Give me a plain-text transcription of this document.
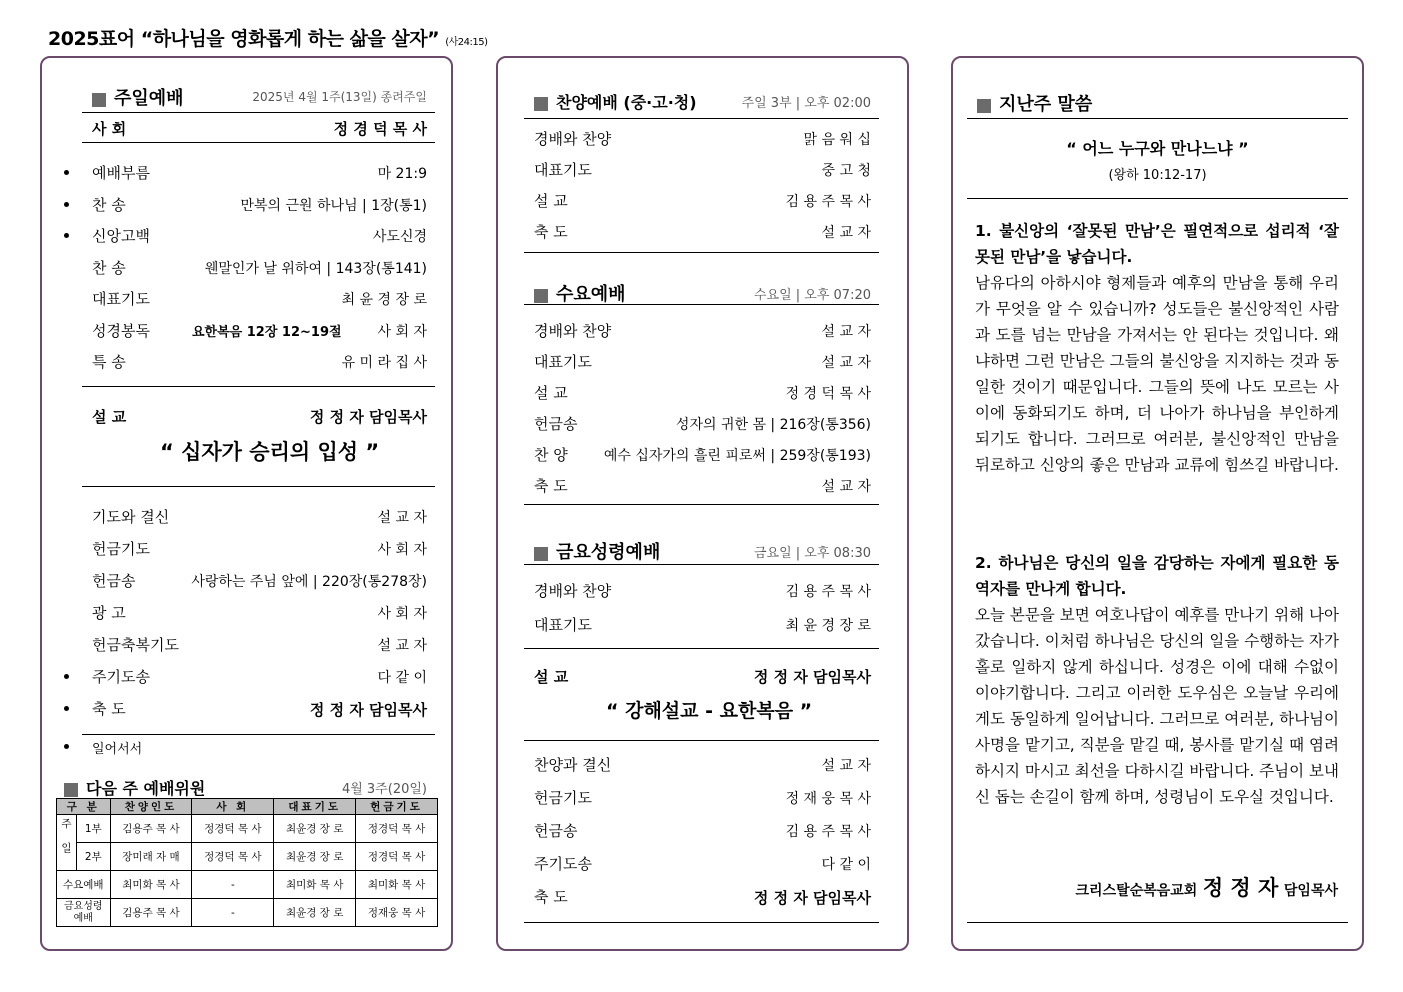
2025표어 “하나님을 영화롭게 하는 삶을 살자” (사24:15)
주일예배	2025년 4월 1주(13일) 종려주일
사 회	정 경 덕 목 사
예배부름	마 21:9
찬 송	만복의 근원 하나님 | 1장(통1)
신앙고백	사도신경
찬 송	웬말인가 날 위하여 | 143장(통141)
대표기도	최 윤 경 장 로
성경봉독	요한복음 12장 12~19절	사 회 자
특 송	유 미 라 집 사
설 교	정 정 자 담임목사
“ 십자가 승리의 입성 ”
기도와 결신	설 교 자
헌금기도	사 회 자
헌금송	사랑하는 주님 앞에 | 220장(통278장)
광 고	사 회 자
헌금축복기도	설 교 자
주기도송	다 같 이
축 도	정 정 자 담임목사
일어서서
다음 주 예배위원	4월 3주(20일)
구 분		찬양인도	사 회	대표기도	헌금기도
주일	1부	김용주 목 사	정경덕 목 사	최윤경 장 로	정경덕 목 사
	2부	장미래 자 매	정경덕 목 사	최윤경 장 로	정경덕 목 사
수요예배		최미화 목 사	-	최미화 목 사	최미화 목 사
금요성령 예배		김용주 목 사	-	최윤경 장 로	정재웅 목 사
찬양예배 (중·고·청)	주일 3부 | 오후 02:00
경배와 찬양	맑 음 워 십
대표기도	중 고 청
설 교	김 용 주 목 사
축 도	설 교 자
수요예배	수요일 | 오후 07:20
경배와 찬양	설 교 자
대표기도	설 교 자
설 교	정 경 덕 목 사
헌금송	성자의 귀한 몸 | 216장(통356)
찬 양	예수 십자가의 흘린 피로써 | 259장(통193)
축 도	설 교 자
금요성령예배	금요일 | 오후 08:30
경배와 찬양	김 용 주 목 사
대표기도	최 윤 경 장 로
설 교	정 정 자 담임목사
“ 강해설교 - 요한복음 ”
찬양과 결신	설 교 자
헌금기도	정 재 웅 목 사
헌금송	김 용 주 목 사
주기도송	다 같 이
축 도	정 정 자 담임목사
지난주 말씀
“ 어느 누구와 만나느냐 ”
(왕하 10:12-17)
1. 불신앙의 ‘잘못된 만남’은 필연적으로 섭리적 ‘잘못된 만남’을 낳습니다.
남유다의 아하시야 형제들과 예후의 만남을 통해 우리가 무엇을 알 수 있습니까? 성도들은 불신앙적인 사람과 도를 넘는 만남을 가져서는 안 된다는 것입니다. 왜냐하면 그런 만남은 그들의 불신앙을 지지하는 것과 동일한 것이기 때문입니다. 그들의 뜻에 나도 모르는 사이에 동화되기도 하며, 더 나아가 하나님을 부인하게 되기도 합니다. 그러므로 여러분, 불신앙적인 만남을 뒤로하고 신앙의 좋은 만남과 교류에 힘쓰길 바랍니다.
2. 하나님은 당신의 일을 감당하는 자에게 필요한 동역자를 만나게 합니다.
오늘 본문을 보면 여호나답이 예후를 만나기 위해 나아갔습니다. 이처럼 하나님은 당신의 일을 수행하는 자가 홀로 일하지 않게 하십니다. 성경은 이에 대해 수없이 이야기합니다. 그리고 이러한 도우심은 오늘날 우리에게도 동일하게 일어납니다. 그러므로 여러분, 하나님이 사명을 맡기고, 직분을 맡길 때, 봉사를 맡기실 때 염려하시지 마시고 최선을 다하시길 바랍니다. 주님이 보내신 돕는 손길이 함께 하며, 성령님이 도우실 것입니다.
크리스탈순복음교회 정 정 자 담임목사
